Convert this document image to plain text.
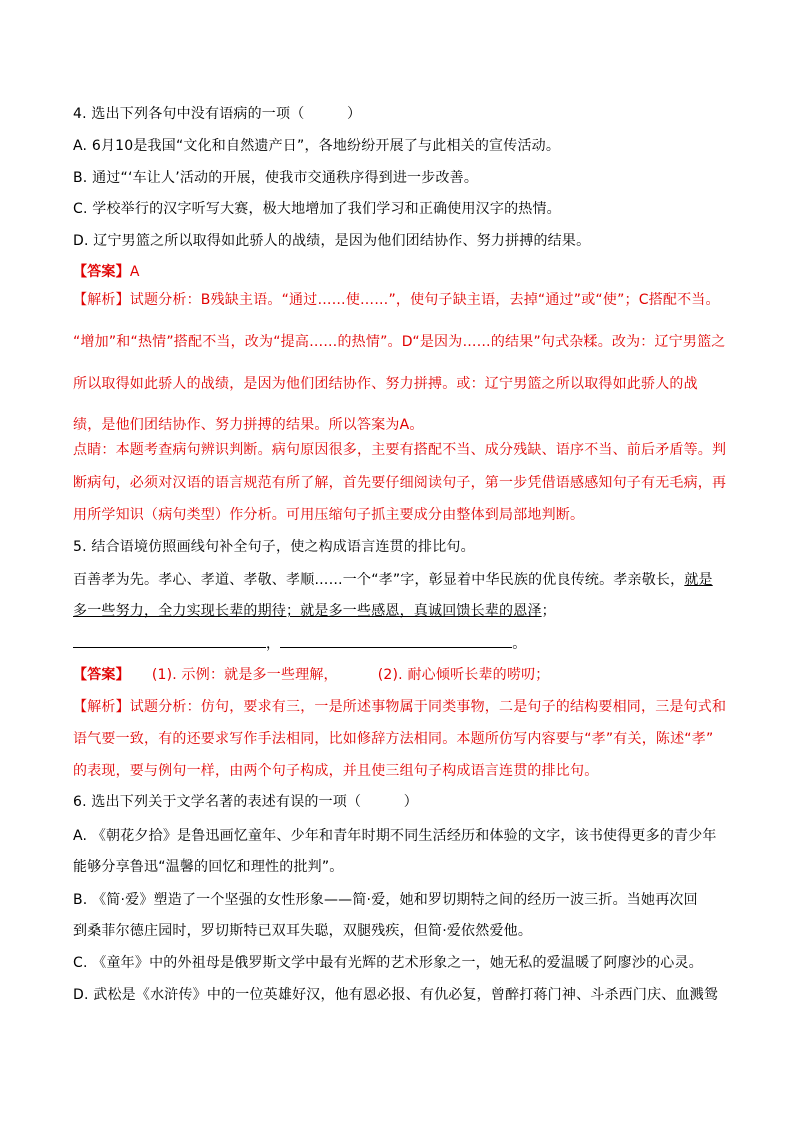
4. 选出下列各句中没有语病的一项（　　　）
A. 6月10是我国“文化和自然遗产日”，各地纷纷开展了与此相关的宣传活动。
B. 通过“‘车让人’活动的开展，使我市交通秩序得到进一步改善。
C. 学校举行的汉字听写大赛，极大地增加了我们学习和正确使用汉字的热情。
D. 辽宁男篮之所以取得如此骄人的战绩，是因为他们团结协作、努力拼搏的结果。
【答案】A
【解析】试题分析：B残缺主语。“通过……使……”，使句子缺主语，去掉“通过”或“使”；C搭配不当。
“增加”和“热情”搭配不当，改为“提高……的热情”。D“是因为……的结果”句式杂糅。改为：辽宁男篮之
所以取得如此骄人的战绩，是因为他们团结协作、努力拼搏。或：辽宁男篮之所以取得如此骄人的战
绩，是他们团结协作、努力拼搏的结果。所以答案为A。
点睛：本题考查病句辨识判断。病句原因很多，主要有搭配不当、成分残缺、语序不当、前后矛盾等。判
断病句，必须对汉语的语言规范有所了解，首先要仔细阅读句子，第一步凭借语感感知句子有无毛病，再
用所学知识（病句类型）作分析。可用压缩句子抓主要成分由整体到局部地判断。
5. 结合语境仿照画线句补全句子，使之构成语言连贯的排比句。
百善孝为先。孝心、孝道、孝敬、孝顺……一个“孝”字，彰显着中华民族的优良传统。孝亲敬长，就是
多一些努力，全力实现长辈的期待；就是多一些感恩，真诚回馈长辈的恩泽；
，	。
【答案】 (1). 示例：就是多一些理解，	(2). 耐心倾听长辈的唠叨；
【解析】试题分析：仿句，要求有三，一是所述事物属于同类事物，二是句子的结构要相同，三是句式和
语气要一致，有的还要求写作手法相同，比如修辞方法相同。本题所仿写内容要与“孝”有关，陈述“孝”
的表现，要与例句一样，由两个句子构成，并且使三组句子构成语言连贯的排比句。
6. 选出下列关于文学名著的表述有误的一项（　　　）
A. 《朝花夕拾》是鲁迅画忆童年、少年和青年时期不同生活经历和体验的文字，该书使得更多的青少年
能够分享鲁迅“温馨的回忆和理性的批判”。
B. 《简·爱》塑造了一个坚强的女性形象——简·爱，她和罗切期特之间的经历一波三折。当她再次回
到桑菲尔德庄园时，罗切斯特已双耳失聪，双腿残疾，但简·爱依然爱他。
C. 《童年》中的外祖母是俄罗斯文学中最有光辉的艺术形象之一，她无私的爱温暖了阿廖沙的心灵。
D. 武松是《水浒传》中的一位英雄好汉，他有恩必报、有仇必复，曾醉打蒋门神、斗杀西门庆、血溅鸳
